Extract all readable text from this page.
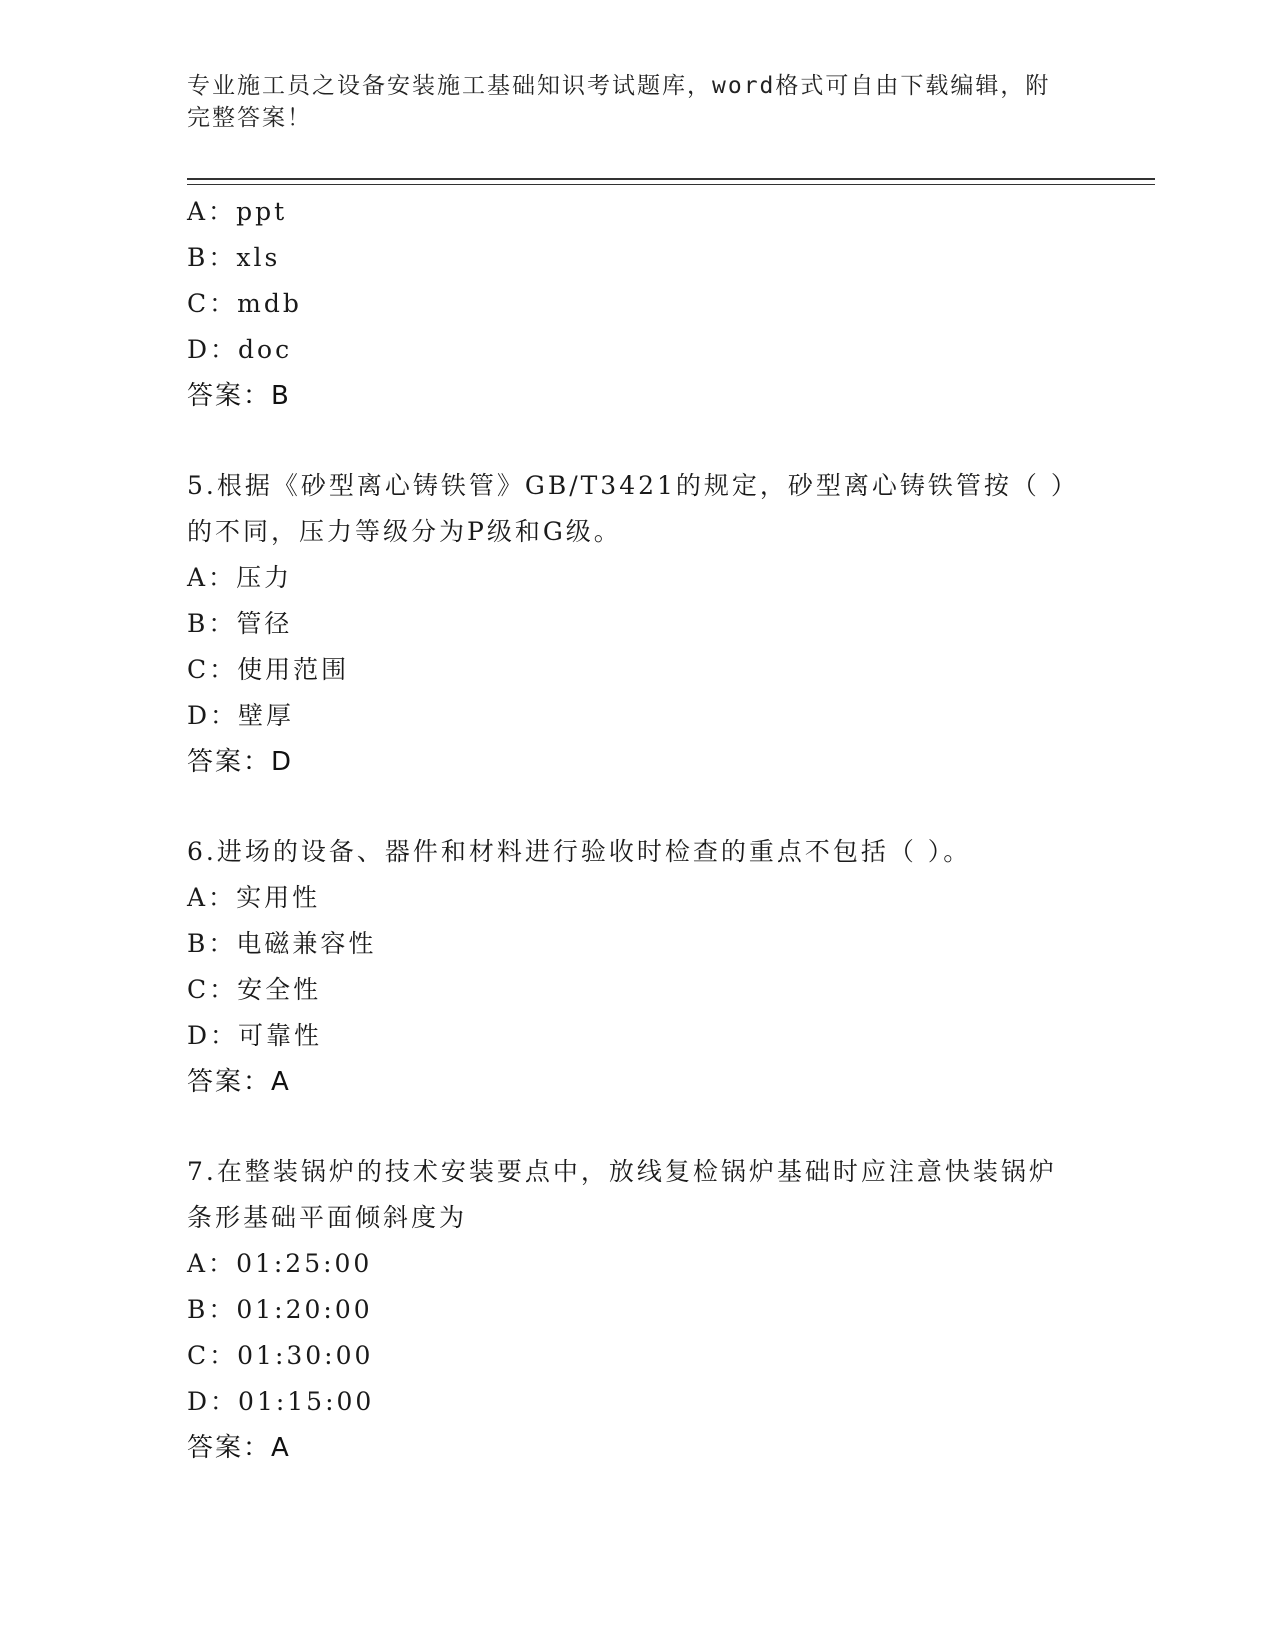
专业施工员之设备安装施工基础知识考试题库，word格式可自由下载编辑，附完整答案！
A：ppt
B：xls
C：mdb
D：doc
答案：B
5.根据《砂型离心铸铁管》GB/T3421的规定，砂型离心铸铁管按（ ）的不同，压力等级分为P级和G级。
A：压力
B：管径
C：使用范围
D：壁厚
答案：D
6.进场的设备、器件和材料进行验收时检查的重点不包括（ ）。
A：实用性
B：电磁兼容性
C：安全性
D：可靠性
答案：A
7.在整装锅炉的技术安装要点中，放线复检锅炉基础时应注意快装锅炉条形基础平面倾斜度为
A：01:25:00
B：01:20:00
C：01:30:00
D：01:15:00
答案：A
